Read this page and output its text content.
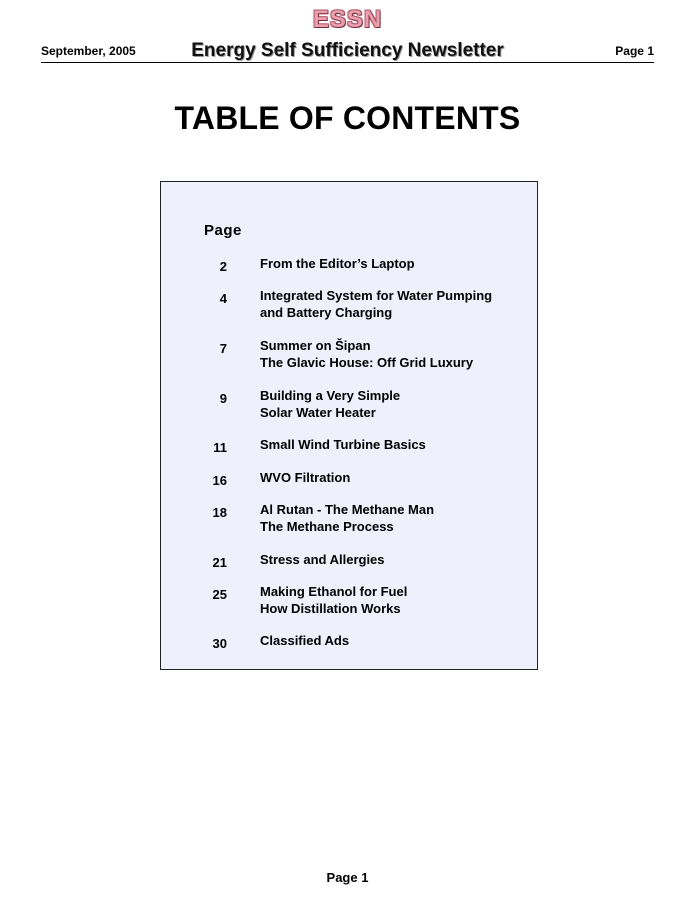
ESSN
September, 2005	Energy Self Sufficiency Newsletter	Page 1
TABLE OF CONTENTS
Page
2	From the Editor’s Laptop
4	Integrated System for Water Pumping
and Battery Charging
7	Summer on Šipan
The Glavic House: Off Grid Luxury
9	Building a Very Simple
Solar Water Heater
11	Small Wind Turbine Basics
16	WVO Filtration
18	Al Rutan - The Methane Man
The Methane Process
21	Stress and Allergies
25	Making Ethanol for Fuel
How Distillation Works
30	Classified Ads
Page 1
